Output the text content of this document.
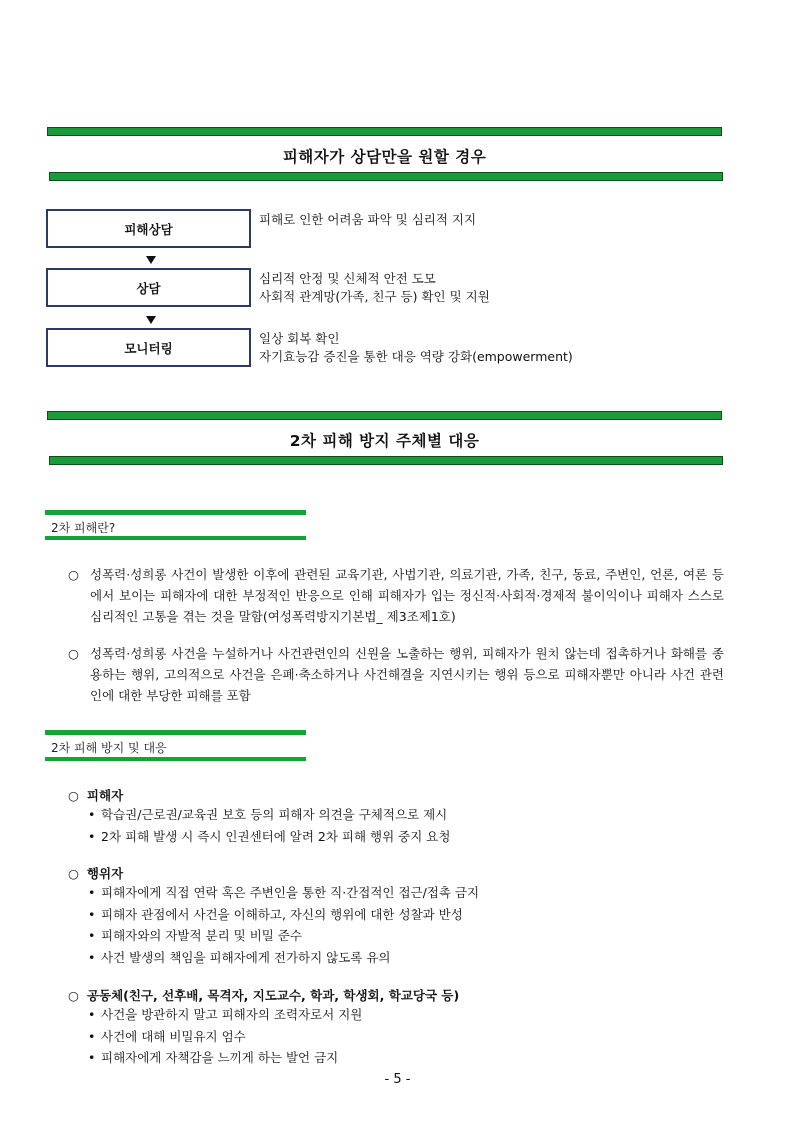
피해자가 상담만을 원할 경우
피해상담
피해로 인한 어려움 파악 및 심리적 지지
상담
심리적 안정 및 신체적 안전 도모
사회적 관계망(가족, 친구 등) 확인 및 지원
모니터링
일상 회복 확인
자기효능감 증진을 통한 대응 역량 강화(empowerment)
2차 피해 방지 주체별 대응
2차 피해란?
○ 성폭력·성희롱 사건이 발생한 이후에 관련된 교육기관, 사법기관, 의료기관, 가족, 친구, 동료, 주변인, 언론, 여론 등에서 보이는 피해자에 대한 부정적인 반응으로 인해 피해자가 입는 정신적·사회적·경제적 불이익이나 피해자 스스로 심리적인 고통을 겪는 것을 말함(여성폭력방지기본법_ 제3조제1호)
○ 성폭력·성희롱 사건을 누설하거나 사건관련인의 신원을 노출하는 행위, 피해자가 원치 않는데 접촉하거나 화해를 종용하는 행위, 고의적으로 사건을 은폐·축소하거나 사건해결을 지연시키는 행위 등으로 피해자뿐만 아니라 사건 관련인에 대한 부당한 피해를 포함
2차 피해 방지 및 대응
○ 피해자
• 학습권/근로권/교육권 보호 등의 피해자 의견을 구체적으로 제시
• 2차 피해 발생 시 즉시 인권센터에 알려 2차 피해 행위 중지 요청
○ 행위자
• 피해자에게 직접 연락 혹은 주변인을 통한 직·간접적인 접근/접촉 금지
• 피해자 관점에서 사건을 이해하고, 자신의 행위에 대한 성찰과 반성
• 피해자와의 자발적 분리 및 비밀 준수
• 사건 발생의 책임을 피해자에게 전가하지 않도록 유의
○ 공동체(친구, 선후배, 목격자, 지도교수, 학과, 학생회, 학교당국 등)
• 사건을 방관하지 말고 피해자의 조력자로서 지원
• 사건에 대해 비밀유지 엄수
• 피해자에게 자책감을 느끼게 하는 발언 금지
- 5 -
